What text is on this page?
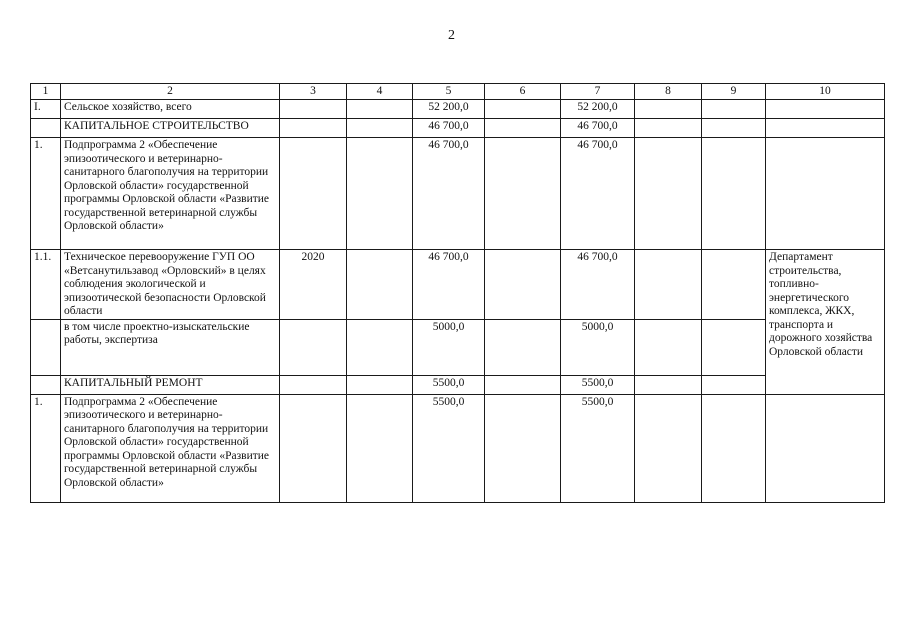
2
1	2	3	4	5	6	7	8	9	10
I.	Сельское хозяйство, всего			52 200,0		52 200,0			
	КАПИТАЛЬНОЕ СТРОИТЕЛЬСТВО			46 700,0		46 700,0			
1.	Подпрограмма 2 «Обеспечение эпизоотического и ветеринарно-санитарного благополучия на территории Орловской области» государственной программы Орловской области «Развитие государственной ветеринарной службы Орловской области»			46 700,0		46 700,0			
1.1.	Техническое перевооружение ГУП ОО «Ветсанутильзавод «Орловский» в целях соблюдения экологической и эпизоотической безопасности Орловской области	2020		46 700,0		46 700,0			Департамент строительства, топливно-энергетического комплекса, ЖКХ, транспорта и дорожного хозяйства Орловской области
	в том числе проектно-изыскательские работы, экспертиза			5000,0		5000,0			
	КАПИТАЛЬНЫЙ РЕМОНТ			5500,0		5500,0			
1.	Подпрограмма 2 «Обеспечение эпизоотического и ветеринарно-санитарного благополучия на территории Орловской области» государственной программы Орловской области «Развитие государственной ветеринарной службы Орловской области»			5500,0		5500,0			
